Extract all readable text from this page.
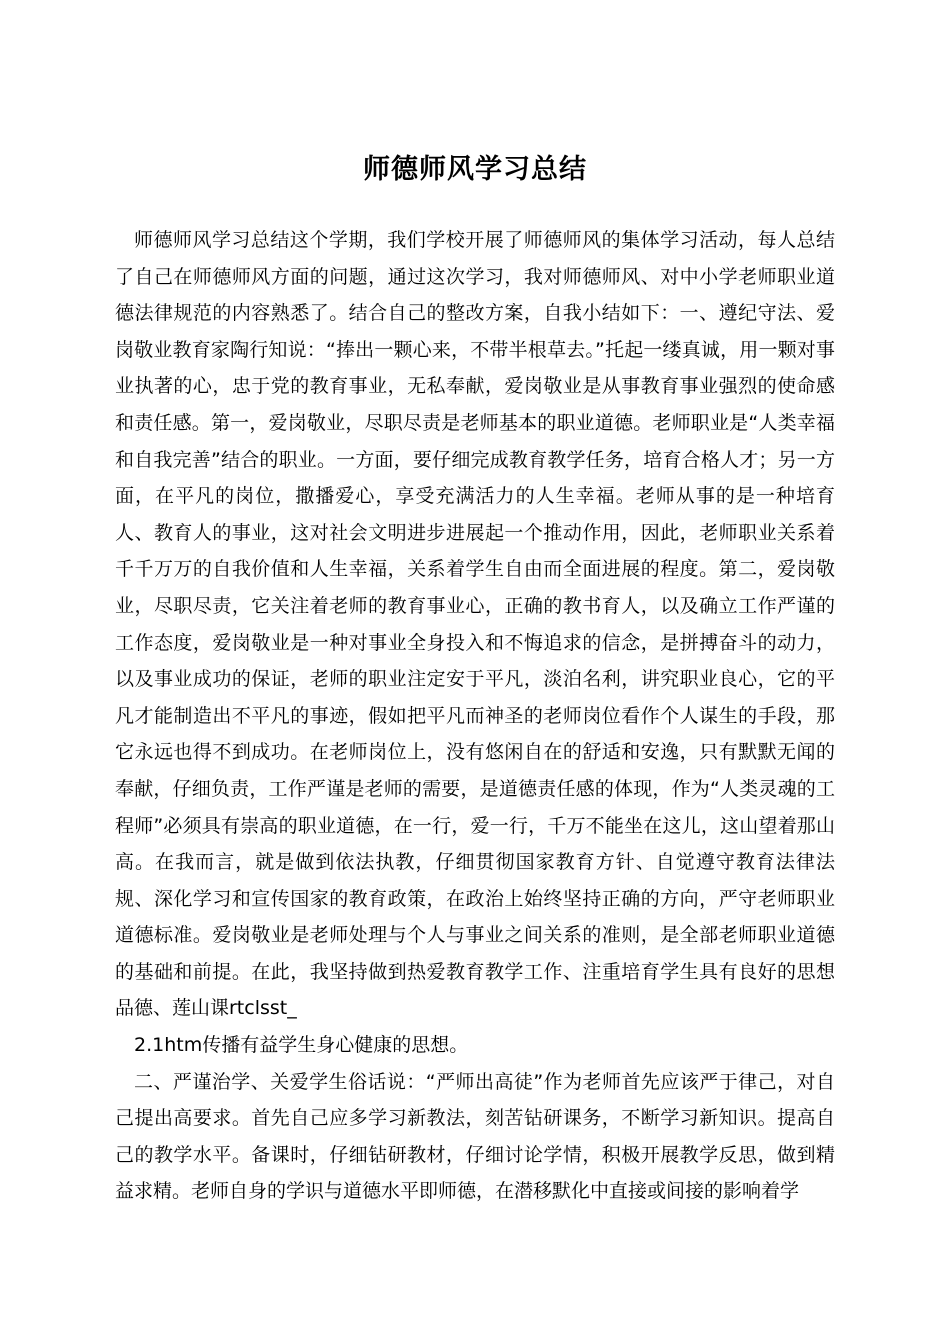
师德师风学习总结

师德师风学习总结这个学期，我们学校开展了师德师风的集体学习活动，每人总结了自己在师德师风方面的问题，通过这次学习，我对师德师风、对中小学老师职业道德法律规范的内容熟悉了。结合自己的整改方案，自我小结如下：一、遵纪守法、爱岗敬业教育家陶行知说：“捧出一颗心来，不带半根草去。”托起一缕真诚，用一颗对事业执著的心，忠于党的教育事业，无私奉献，爱岗敬业是从事教育事业强烈的使命感和责任感。第一，爱岗敬业，尽职尽责是老师基本的职业道德。老师职业是“人类幸福和自我完善”结合的职业。一方面，要仔细完成教育教学任务，培育合格人才；另一方面，在平凡的岗位，撒播爱心，享受充满活力的人生幸福。老师从事的是一种培育人、教育人的事业，这对社会文明进步进展起一个推动作用，因此，老师职业关系着千千万万的自我价值和人生幸福，关系着学生自由而全面进展的程度。第二，爱岗敬业，尽职尽责，它关注着老师的教育事业心，正确的教书育人，以及确立工作严谨的工作态度，爱岗敬业是一种对事业全身投入和不悔追求的信念，是拼搏奋斗的动力，以及事业成功的保证，老师的职业注定安于平凡，淡泊名利，讲究职业良心，它的平凡才能制造出不平凡的事迹，假如把平凡而神圣的老师岗位看作个人谋生的手段，那它永远也得不到成功。在老师岗位上，没有悠闲自在的舒适和安逸，只有默默无闻的奉献，仔细负责，工作严谨是老师的需要，是道德责任感的体现，作为“人类灵魂的工程师”必须具有崇高的职业道德，在一行，爱一行，千万不能坐在这儿，这山望着那山高。在我而言，就是做到依法执教，仔细贯彻国家教育方针、自觉遵守教育法律法规、深化学习和宣传国家的教育政策，在政治上始终坚持正确的方向，严守老师职业道德标准。爱岗敬业是老师处理与个人与事业之间关系的准则，是全部老师职业道德的基础和前提。在此，我坚持做到热爱教育教学工作、注重培育学生具有良好的思想品德、莲山课rtclsst_

2.1htm传播有益学生身心健康的思想。

二、严谨治学、关爱学生俗话说：“严师出高徒”作为老师首先应该严于律己，对自己提出高要求。首先自己应多学习新教法，刻苦钻研课务，不断学习新知识。提高自己的教学水平。备课时，仔细钻研教材，仔细讨论学情，积极开展教学反思，做到精益求精。老师自身的学识与道德水平即师德，在潜移默化中直接或间接的影响着学
